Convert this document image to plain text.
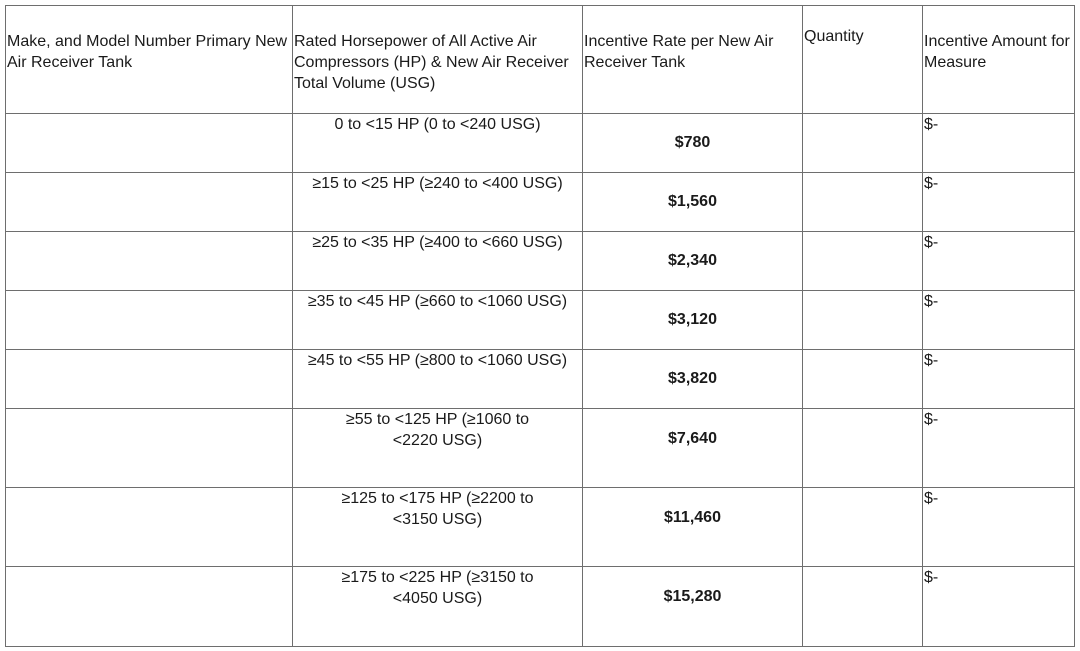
Make, and Model Number Primary New Air Receiver Tank	Rated Horsepower of All Active Air Compressors (HP) & New Air Receiver Total Volume (USG)	Incentive Rate per New Air Receiver Tank	Quantity	Incentive Amount for Measure

	0 to <15 HP (0 to <240 USG)	$780		$-

	≥15 to <25 HP (≥240 to <400 USG)	$1,560		$-

	≥25 to <35 HP (≥400 to <660 USG)	$2,340		$-

	≥35 to <45 HP (≥660 to <1060 USG)	$3,120		$-

	≥45 to <55 HP (≥800 to <1060 USG)	$3,820		$-

	≥55 to <125 HP (≥1060 to <2220 USG)	$7,640		$-

	≥125 to <175 HP (≥2200 to <3150 USG)	$11,460		$-

	≥175 to <225 HP (≥3150 to <4050 USG)	$15,280		$-
